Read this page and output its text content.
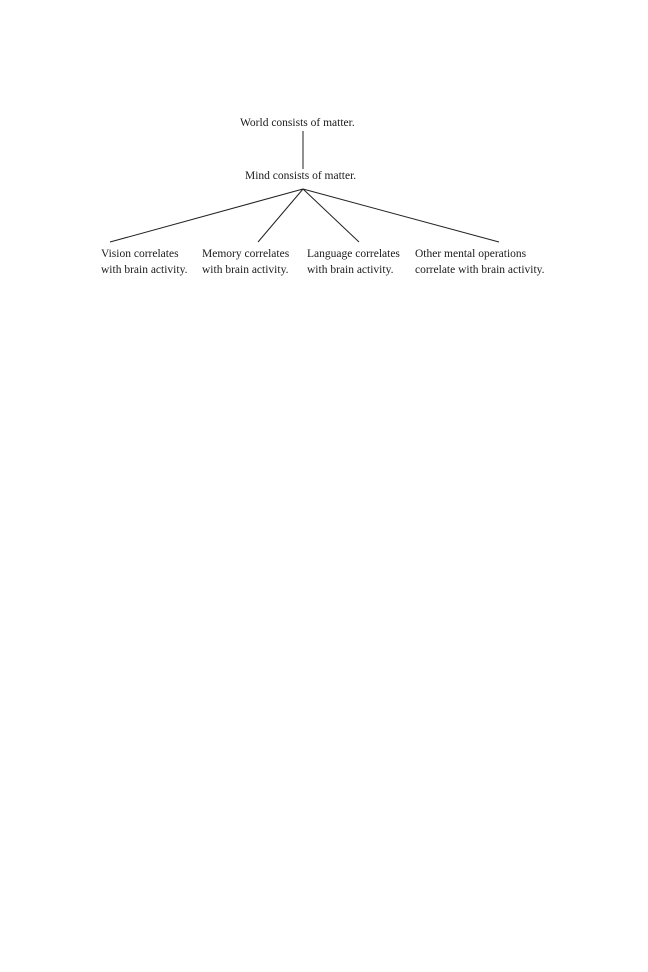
World consists of matter.
Mind consists of matter.
Vision correlates
with brain activity.
Memory correlates
with brain activity.
Language correlates
with brain activity.
Other mental operations
correlate with brain activity.
